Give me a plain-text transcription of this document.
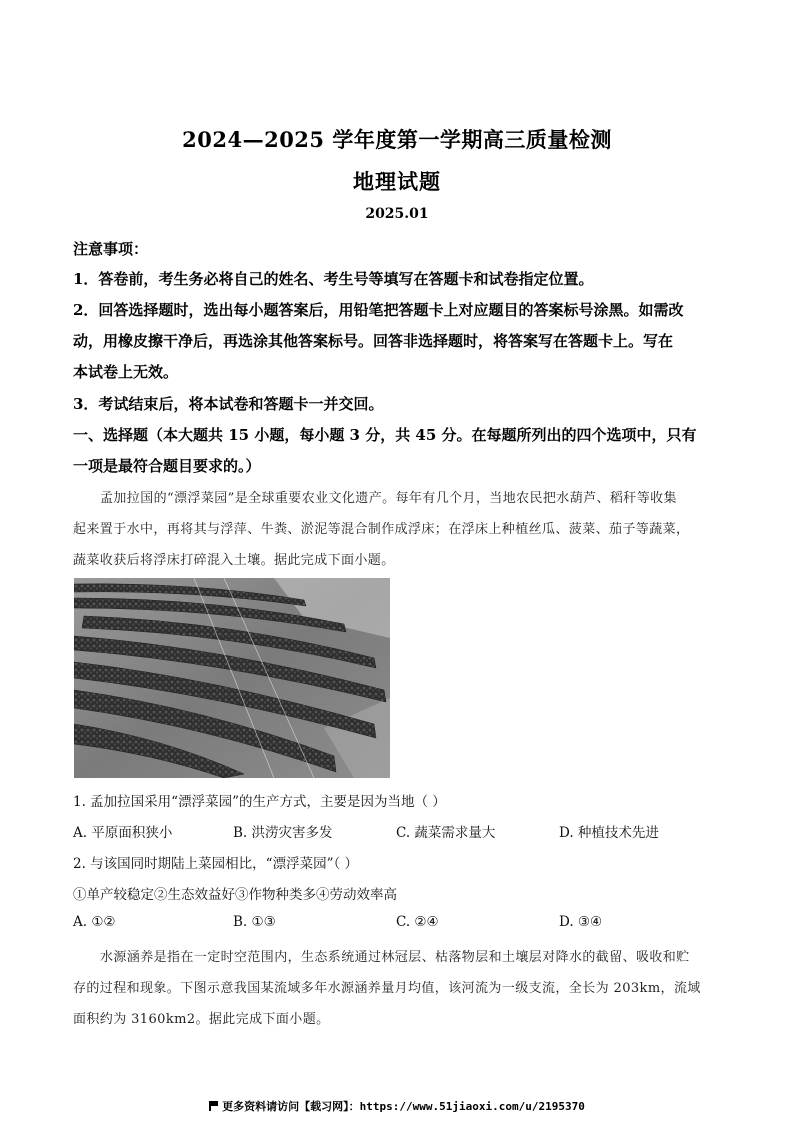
2024—2025 学年度第一学期高三质量检测
地理试题
2025.01
注意事项：
1．答卷前，考生务必将自己的姓名、考生号等填写在答题卡和试卷指定位置。
2．回答选择题时，选出每小题答案后，用铅笔把答题卡上对应题目的答案标号涂黑。如需改
动，用橡皮擦干净后，再选涂其他答案标号。回答非选择题时，将答案写在答题卡上。写在
本试卷上无效。
3．考试结束后，将本试卷和答题卡一并交回。
一、选择题（本大题共 15 小题，每小题 3 分，共 45 分。在每题所列出的四个选项中，只有
一项是最符合题目要求的。）
孟加拉国的“漂浮菜园”是全球重要农业文化遗产。每年有几个月，当地农民把水葫芦、稻秆等收集
起来置于水中，再将其与浮萍、牛粪、淤泥等混合制作成浮床；在浮床上种植丝瓜、菠菜、茄子等蔬菜，
蔬菜收获后将浮床打碎混入土壤。据此完成下面小题。
1. 孟加拉国采用“漂浮菜园”的生产方式，主要是因为当地（ ）
A. 平原面积狭小	B. 洪涝灾害多发	C. 蔬菜需求量大	D. 种植技术先进
2. 与该国同时期陆上菜园相比，“漂浮菜园”（ ）
①单产较稳定②生态效益好③作物种类多④劳动效率高
A. ①②	B. ①③	C. ②④	D. ③④
水源涵养是指在一定时空范围内，生态系统通过林冠层、枯落物层和土壤层对降水的截留、吸收和贮
存的过程和现象。下图示意我国某流域多年水源涵养量月均值，该河流为一级支流，全长为 203km，流域
面积约为 3160km2。据此完成下面小题。
更多资料请访问【载习网】：https://www.51jiaoxi.com/u/2195370
